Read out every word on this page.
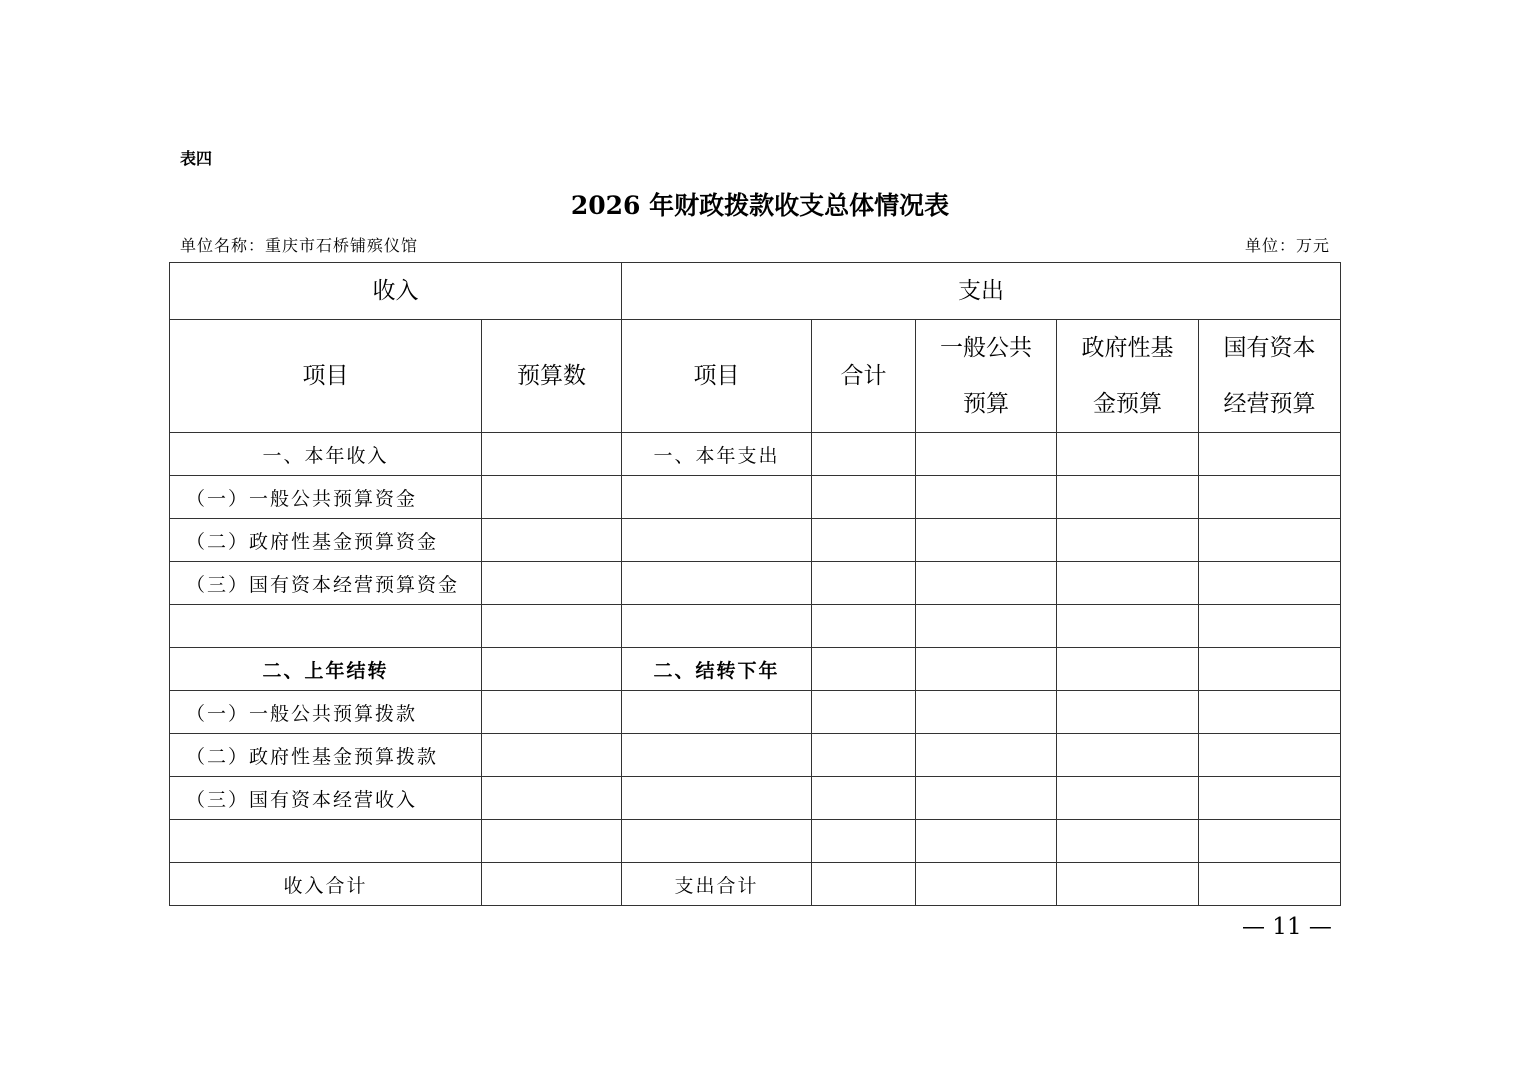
表四
2026 年财政拨款收支总体情况表
单位名称：重庆市石桥铺殡仪馆	单位：万元
收入		支出				
项目	预算数	项目	合计	一般公共预算	政府性基金预算	国有资本经营预算

一、本年收入		一、本年支出				
（一）一般公共预算资金						
（二）政府性基金预算资金						
（三）国有资本经营预算资金						

二、上年结转		二、结转下年				
（一）一般公共预算拨款						
（二）政府性基金预算拨款						
（三）国有资本经营收入						

收入合计		支出合计				
— 11 —
